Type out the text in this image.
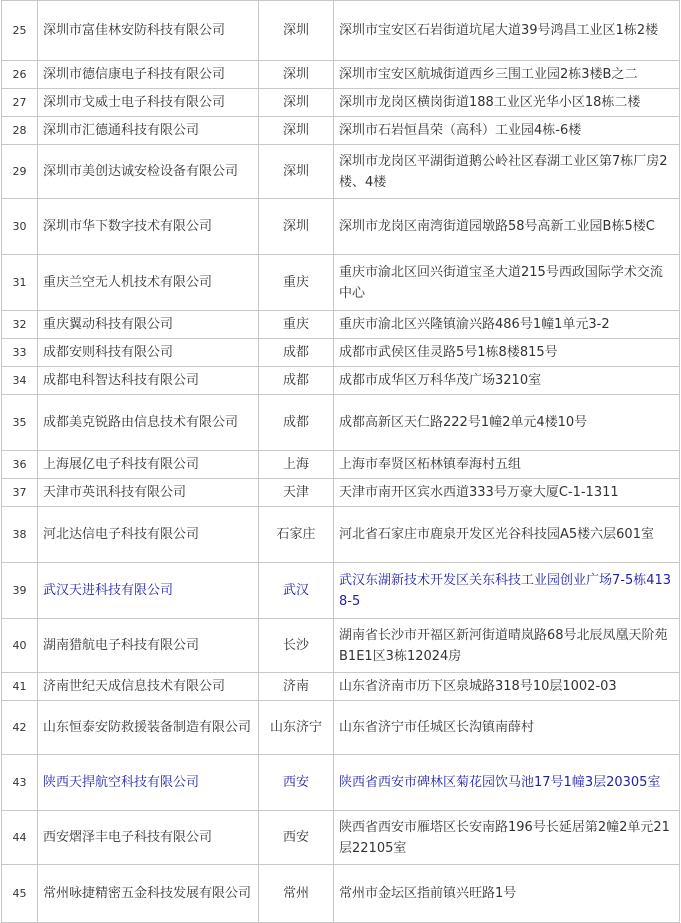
25	深圳市富佳林安防科技有限公司	深圳	深圳市宝安区石岩街道坑尾大道39号鸿昌工业区1栋2楼
26	深圳市德信康电子科技有限公司	深圳	深圳市宝安区航城街道西乡三围工业园2栋3楼B之二
27	深圳市戈威士电子科技有限公司	深圳	深圳市龙岗区横岗街道188工业区光华小区18栋二楼
28	深圳市汇德通科技有限公司	深圳	深圳市石岩恒昌荣（高科）工业园4栋-6楼
29	深圳市美创达诚安检设备有限公司	深圳	深圳市龙岗区平湖街道鹅公岭社区春湖工业区第7栋厂房2楼、4楼
30	深圳市华下数字技术有限公司	深圳	深圳市龙岗区南湾街道园墩路58号高新工业园B栋5楼C
31	重庆兰空无人机技术有限公司	重庆	重庆市渝北区回兴街道宝圣大道215号西政国际学术交流中心
32	重庆翼动科技有限公司	重庆	重庆市渝北区兴隆镇渝兴路486号1幢1单元3-2
33	成都安则科技有限公司	成都	成都市武侯区佳灵路5号1栋8楼815号
34	成都电科智达科技有限公司	成都	成都市成华区万科华茂广场3210室
35	成都美克锐路由信息技术有限公司	成都	成都高新区天仁路222号1幢2单元4楼10号
36	上海展亿电子科技有限公司	上海	上海市奉贤区柘林镇奉海村五组
37	天津市英讯科技有限公司	天津	天津市南开区宾水西道333号万豪大厦C-1-1311
38	河北达信电子科技有限公司	石家庄	河北省石家庄市鹿泉开发区光谷科技园A5楼六层601室
39	武汉天进科技有限公司	武汉	武汉东湖新技术开发区关东科技工业园创业广场7-5栋4138-5
40	湖南猎航电子科技有限公司	长沙	湖南省长沙市开福区新河街道晴岚路68号北辰凤凰天阶苑B1E1区3栋12024房
41	济南世纪天成信息技术有限公司	济南	山东省济南市历下区泉城路318号10层1002-03
42	山东恒泰安防救援装备制造有限公司	山东济宁	山东省济宁市任城区长沟镇南薛村
43	陕西天捍航空科技有限公司	西安	陕西省西安市碑林区菊花园饮马池17号1幢3层20305室
44	西安熠泽丰电子科技有限公司	西安	陕西省西安市雁塔区长安南路196号长延居第2幢2单元21层22105室
45	常州咏捷精密五金科技发展有限公司	常州	常州市金坛区指前镇兴旺路1号
